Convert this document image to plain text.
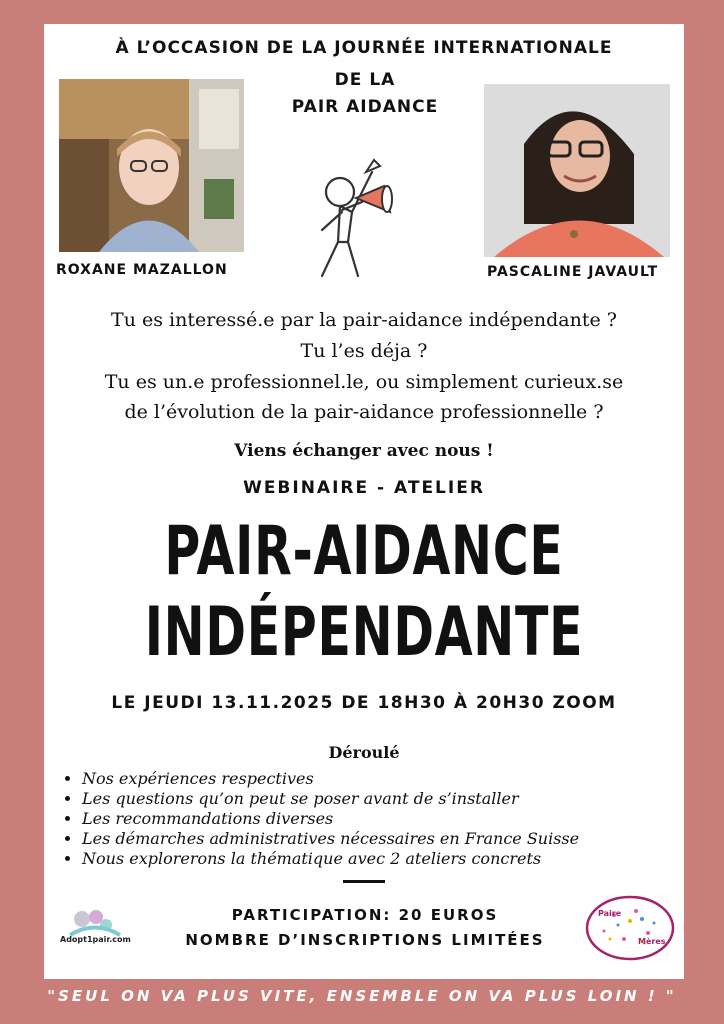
À L’OCCASION DE LA JOURNÉE INTERNATIONALE
DE LA
PAIR AIDANCE
ROXANE MAZALLON	PASCALINE JAVAULT
Tu es interessé.e par la pair-aidance indépendante ?
Tu l’es déja ?
Tu es un.e professionnel.le, ou simplement curieux.se
de l’évolution de la pair-aidance professionnelle ?
Viens échanger avec nous !
WEBINAIRE - ATELIER
PAIR-AIDANCE
INDÉPENDANTE
LE JEUDI 13.11.2025 DE 18H30 À 20H30 ZOOM
Déroulé
• Nos expériences respectives
• Les questions qu’on peut se poser avant de s’installer
• Les recommandations diverses
• Les démarches administratives nécessaires en France Suisse
• Nous explorerons la thématique avec 2 ateliers concrets
PARTICIPATION: 20 EUROS
NOMBRE D’INSCRIPTIONS LIMITÉES
Adopt1pair.com
Paire
Mères
"SEUL ON VA PLUS VITE, ENSEMBLE ON VA PLUS LOIN ! "
